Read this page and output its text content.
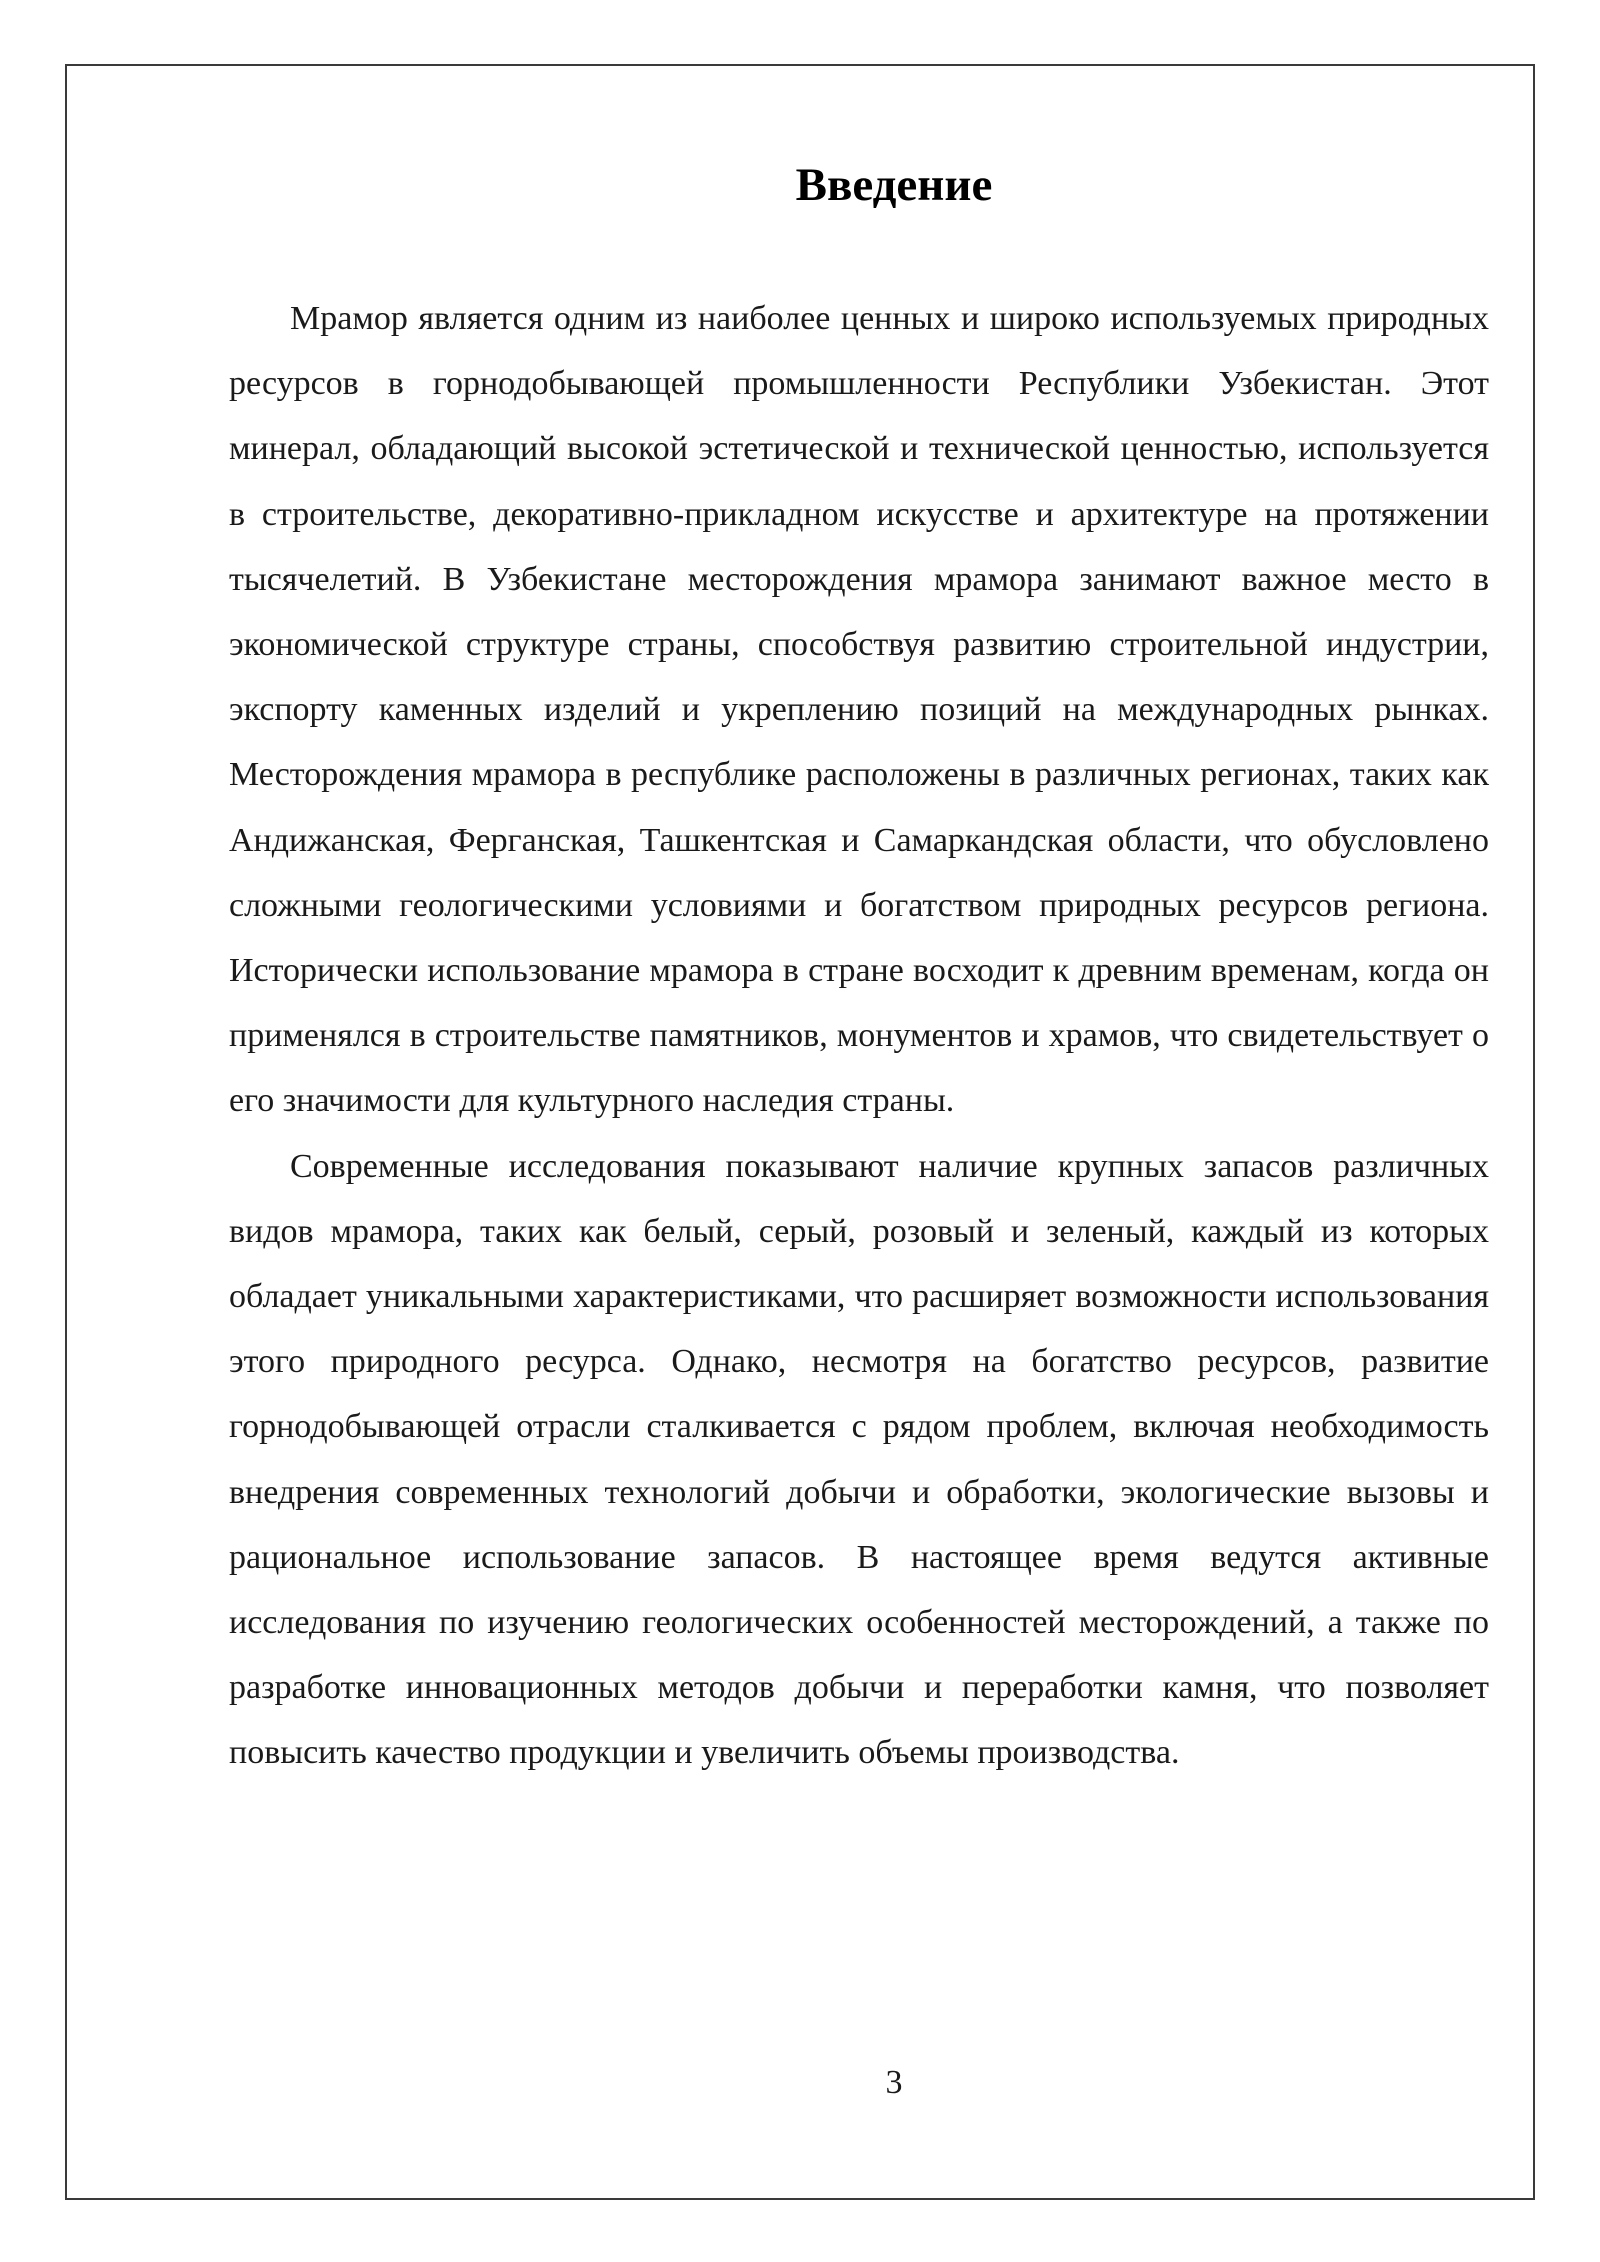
Введение

Мрамор является одним из наиболее ценных и широко используемых природных ресурсов в горнодобывающей промышленности Республики Узбекистан. Этот минерал, обладающий высокой эстетической и технической ценностью, используется в строительстве, декоративно-прикладном искусстве и архитектуре на протяжении тысячелетий. В Узбекистане месторождения мрамора занимают важное место в экономической структуре страны, способствуя развитию строительной индустрии, экспорту каменных изделий и укреплению позиций на международных рынках. Месторождения мрамора в республике расположены в различных регионах, таких как Андижанская, Ферганская, Ташкентская и Самаркандская области, что обусловлено сложными геологическими условиями и богатством природных ресурсов региона. Исторически использование мрамора в стране восходит к древним временам, когда он применялся в строительстве памятников, монументов и храмов, что свидетельствует о его значимости для культурного наследия страны.

Современные исследования показывают наличие крупных запасов различных видов мрамора, таких как белый, серый, розовый и зеленый, каждый из которых обладает уникальными характеристиками, что расширяет возможности использования этого природного ресурса. Однако, несмотря на богатство ресурсов, развитие горнодобывающей отрасли сталкивается с рядом проблем, включая необходимость внедрения современных технологий добычи и обработки, экологические вызовы и рациональное использование запасов. В настоящее время ведутся активные исследования по изучению геологических особенностей месторождений, а также по разработке инновационных методов добычи и переработки камня, что позволяет повысить качество продукции и увеличить объемы производства.

3
